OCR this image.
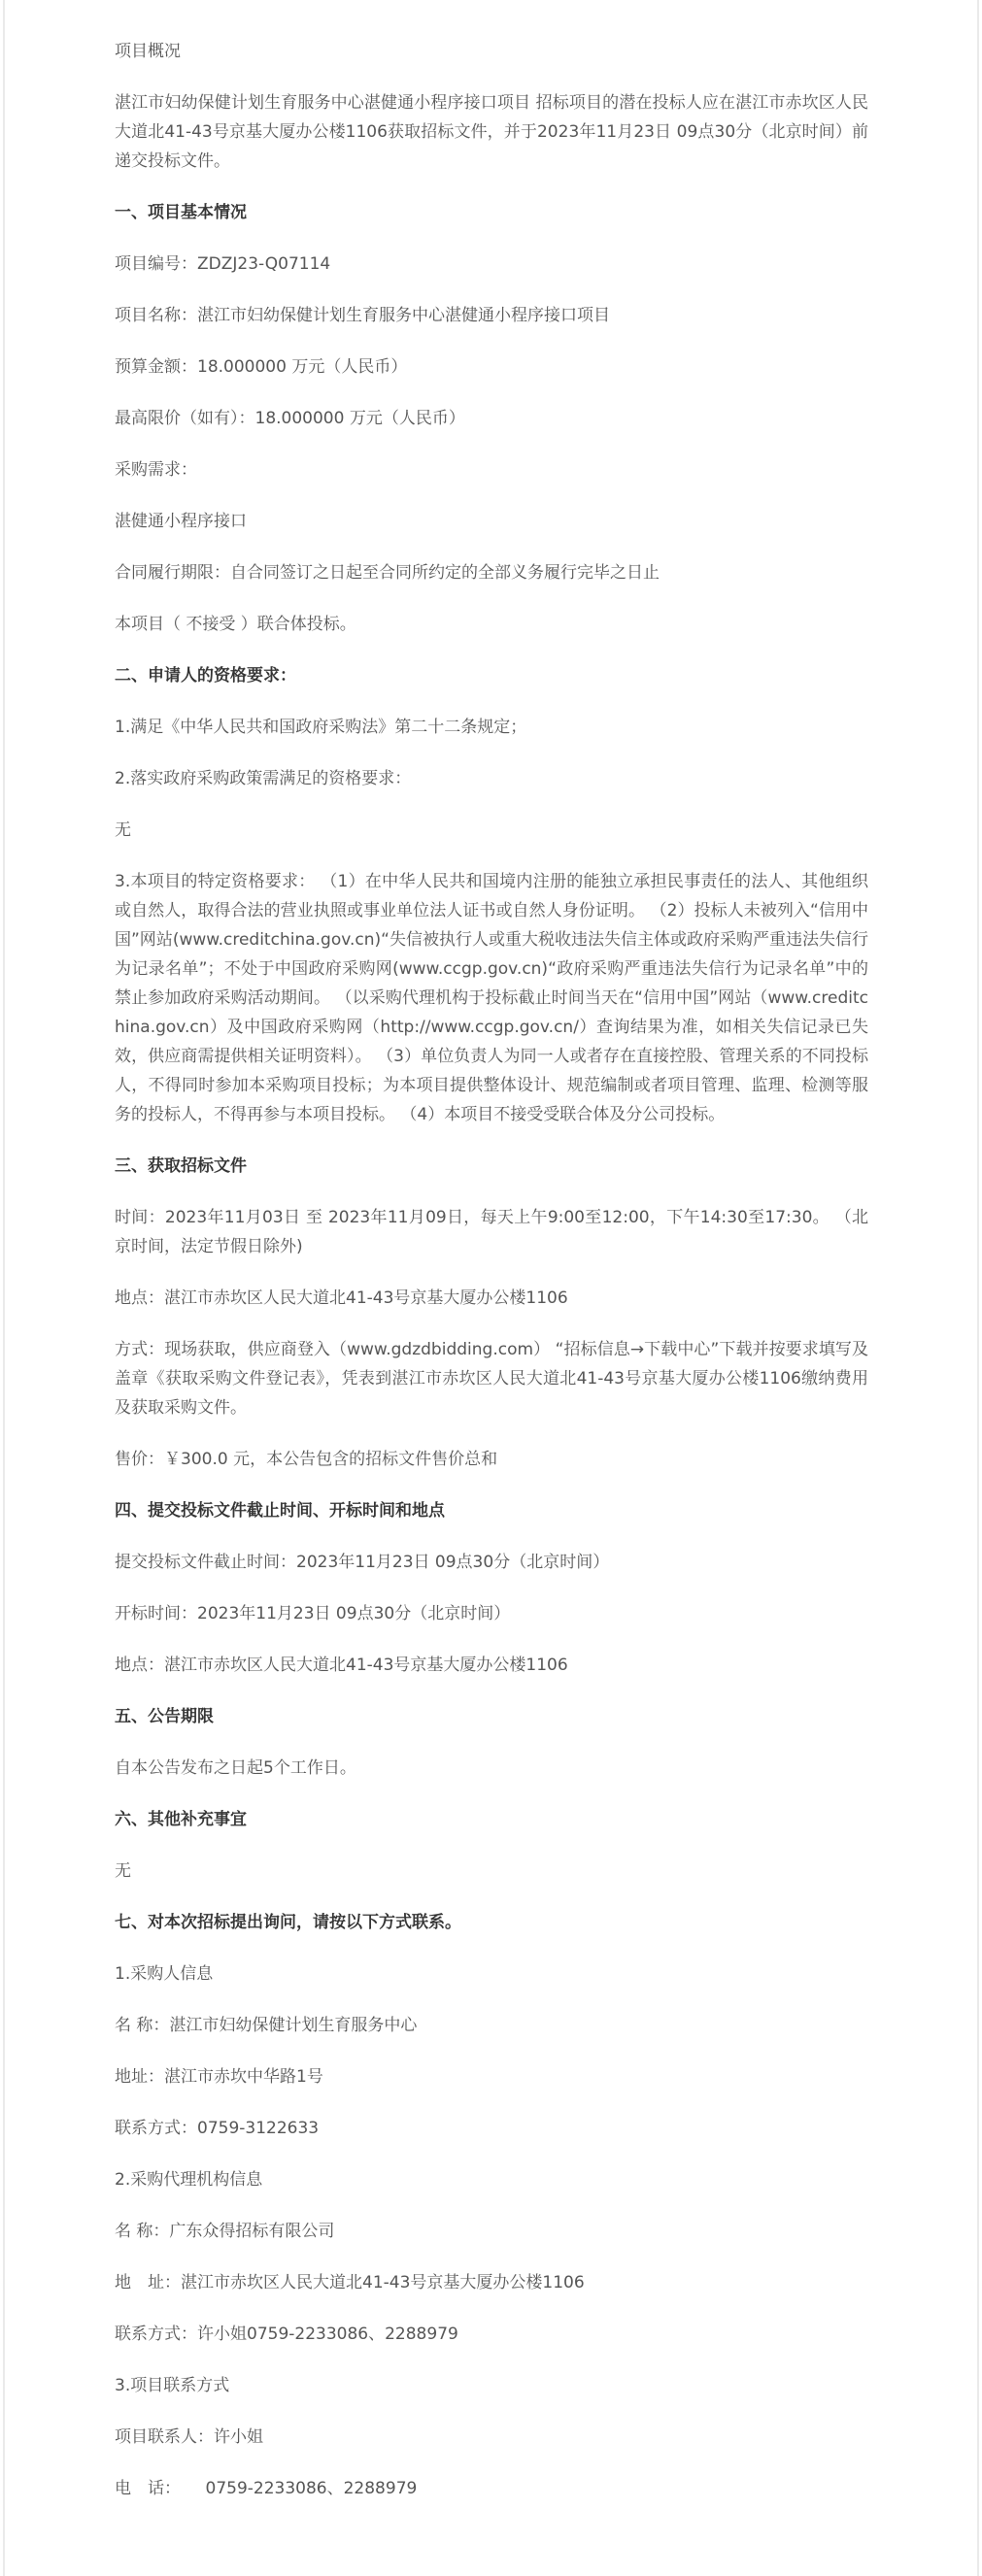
项目概况

湛江市妇幼保健计划生育服务中心湛健通小程序接口项目 招标项目的潜在投标人应在湛江市赤坎区人民大道北41-43号京基大厦办公楼1106获取招标文件，并于2023年11月23日 09点30分（北京时间）前递交投标文件。

一、项目基本情况

项目编号：ZDZJ23-Q07114

项目名称：湛江市妇幼保健计划生育服务中心湛健通小程序接口项目

预算金额：18.000000 万元（人民币）

最高限价（如有）：18.000000 万元（人民币）

采购需求：

湛健通小程序接口

合同履行期限：自合同签订之日起至合同所约定的全部义务履行完毕之日止

本项目（ 不接受 ）联合体投标。

二、申请人的资格要求：

1.满足《中华人民共和国政府采购法》第二十二条规定；

2.落实政府采购政策需满足的资格要求：

无

3.本项目的特定资格要求： （1）在中华人民共和国境内注册的能独立承担民事责任的法人、其他组织或自然人，取得合法的营业执照或事业单位法人证书或自然人身份证明。 （2）投标人未被列入“信用中国”网站(www.creditchina.gov.cn)“失信被执行人或重大税收违法失信主体或政府采购严重违法失信行为记录名单”；不处于中国政府采购网(www.ccgp.gov.cn)“政府采购严重违法失信行为记录名单”中的禁止参加政府采购活动期间。 （以采购代理机构于投标截止时间当天在“信用中国”网站（www.creditchina.gov.cn）及中国政府采购网（http://www.ccgp.gov.cn/）查询结果为准，如相关失信记录已失效，供应商需提供相关证明资料）。 （3）单位负责人为同一人或者存在直接控股、管理关系的不同投标人，不得同时参加本采购项目投标；为本项目提供整体设计、规范编制或者项目管理、监理、检测等服务的投标人，不得再参与本项目投标。 （4）本项目不接受受联合体及分公司投标。

三、获取招标文件

时间：2023年11月03日 至 2023年11月09日，每天上午9:00至12:00，下午14:30至17:30。 （北京时间，法定节假日除外)

地点：湛江市赤坎区人民大道北41-43号京基大厦办公楼1106

方式：现场获取，供应商登入（www.gdzdbidding.com） “招标信息→下载中心”下载并按要求填写及盖章《获取采购文件登记表》，凭表到湛江市赤坎区人民大道北41-43号京基大厦办公楼1106缴纳费用及获取采购文件。

售价：￥300.0 元，本公告包含的招标文件售价总和

四、提交投标文件截止时间、开标时间和地点

提交投标文件截止时间：2023年11月23日 09点30分（北京时间）

开标时间：2023年11月23日 09点30分（北京时间）

地点：湛江市赤坎区人民大道北41-43号京基大厦办公楼1106

五、公告期限

自本公告发布之日起5个工作日。

六、其他补充事宜

无

七、对本次招标提出询问，请按以下方式联系。

1.采购人信息

名 称：湛江市妇幼保健计划生育服务中心

地址：湛江市赤坎中华路1号

联系方式：0759-3122633

2.采购代理机构信息

名 称：广东众得招标有限公司

地　址：湛江市赤坎区人民大道北41-43号京基大厦办公楼1106

联系方式：许小姐0759-2233086、2288979

3.项目联系方式

项目联系人：许小姐

电　话：　　0759-2233086、2288979
